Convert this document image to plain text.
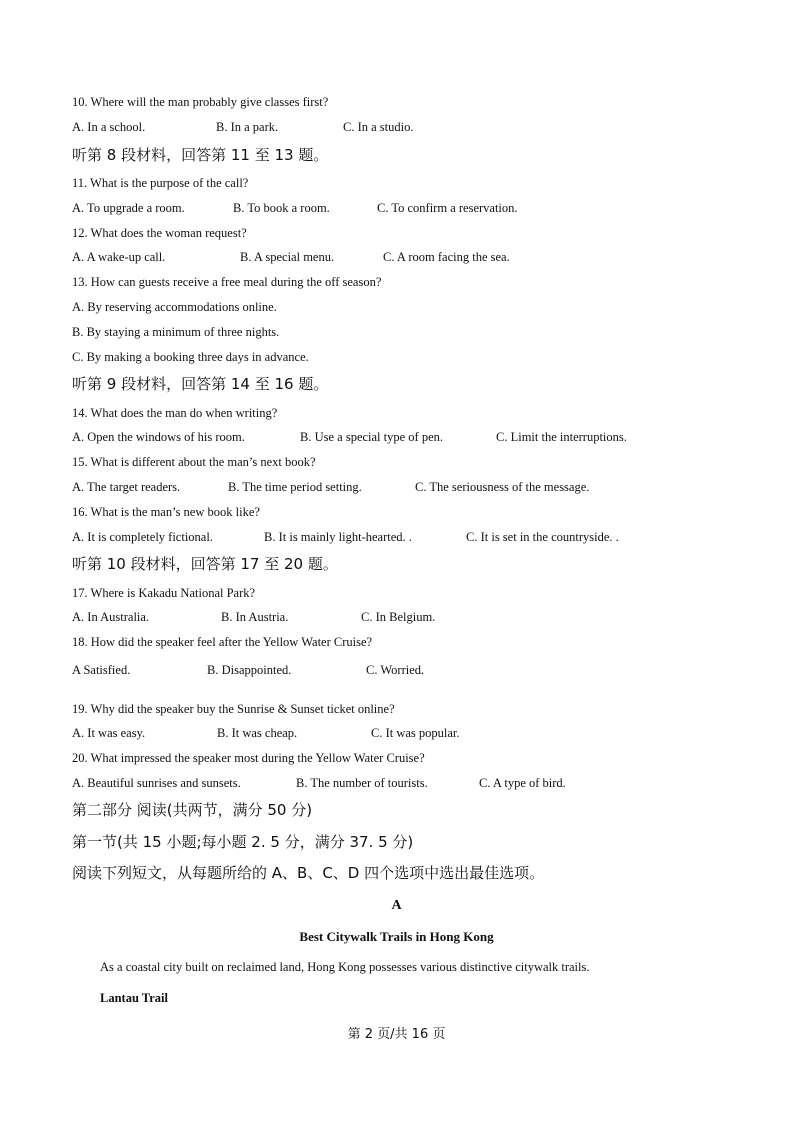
10. Where will the man probably give classes first?
A. In a school.	B. In a park.	C. In a studio.
听第 8 段材料，回答第 11 至 13 题。
11. What is the purpose of the call?
A. To upgrade a room.	B. To book a room.	C. To confirm a reservation.
12. What does the woman request?
A. A wake-up call.	B. A special menu.	C. A room facing the sea.
13. How can guests receive a free meal during the off season?
A. By reserving accommodations online.
B. By staying a minimum of three nights.
C. By making a booking three days in advance.
听第 9 段材料，回答第 14 至 16 题。
14. What does the man do when writing?
A. Open the windows of his room.	B. Use a special type of pen.	C. Limit the interruptions.
15. What is different about the man’s next book?
A. The target readers.	B. The time period setting.	C. The seriousness of the message.
16. What is the man’s new book like?
A. It is completely fictional.	B. It is mainly light-hearted. .	C. It is set in the countryside. .
听第 10 段材料，回答第 17 至 20 题。
17. Where is Kakadu National Park?
A. In Australia.	B. In Austria.	C. In Belgium.
18. How did the speaker feel after the Yellow Water Cruise?
A Satisfied.	B. Disappointed.	C. Worried.
19. Why did the speaker buy the Sunrise & Sunset ticket online?
A. It was easy.	B. It was cheap.	C. It was popular.
20. What impressed the speaker most during the Yellow Water Cruise?
A. Beautiful sunrises and sunsets.	B. The number of tourists.	C. A type of bird.
第二部分 阅读(共两节，满分 50 分)
第一节(共 15 小题;每小题 2. 5 分，满分 37. 5 分)
阅读下列短文，从每题所给的 A、B、C、D 四个选项中选出最佳选项。
A
Best Citywalk Trails in Hong Kong
As a coastal city built on reclaimed land, Hong Kong possesses various distinctive citywalk trails.
Lantau Trail
第 2 页/共 16 页
